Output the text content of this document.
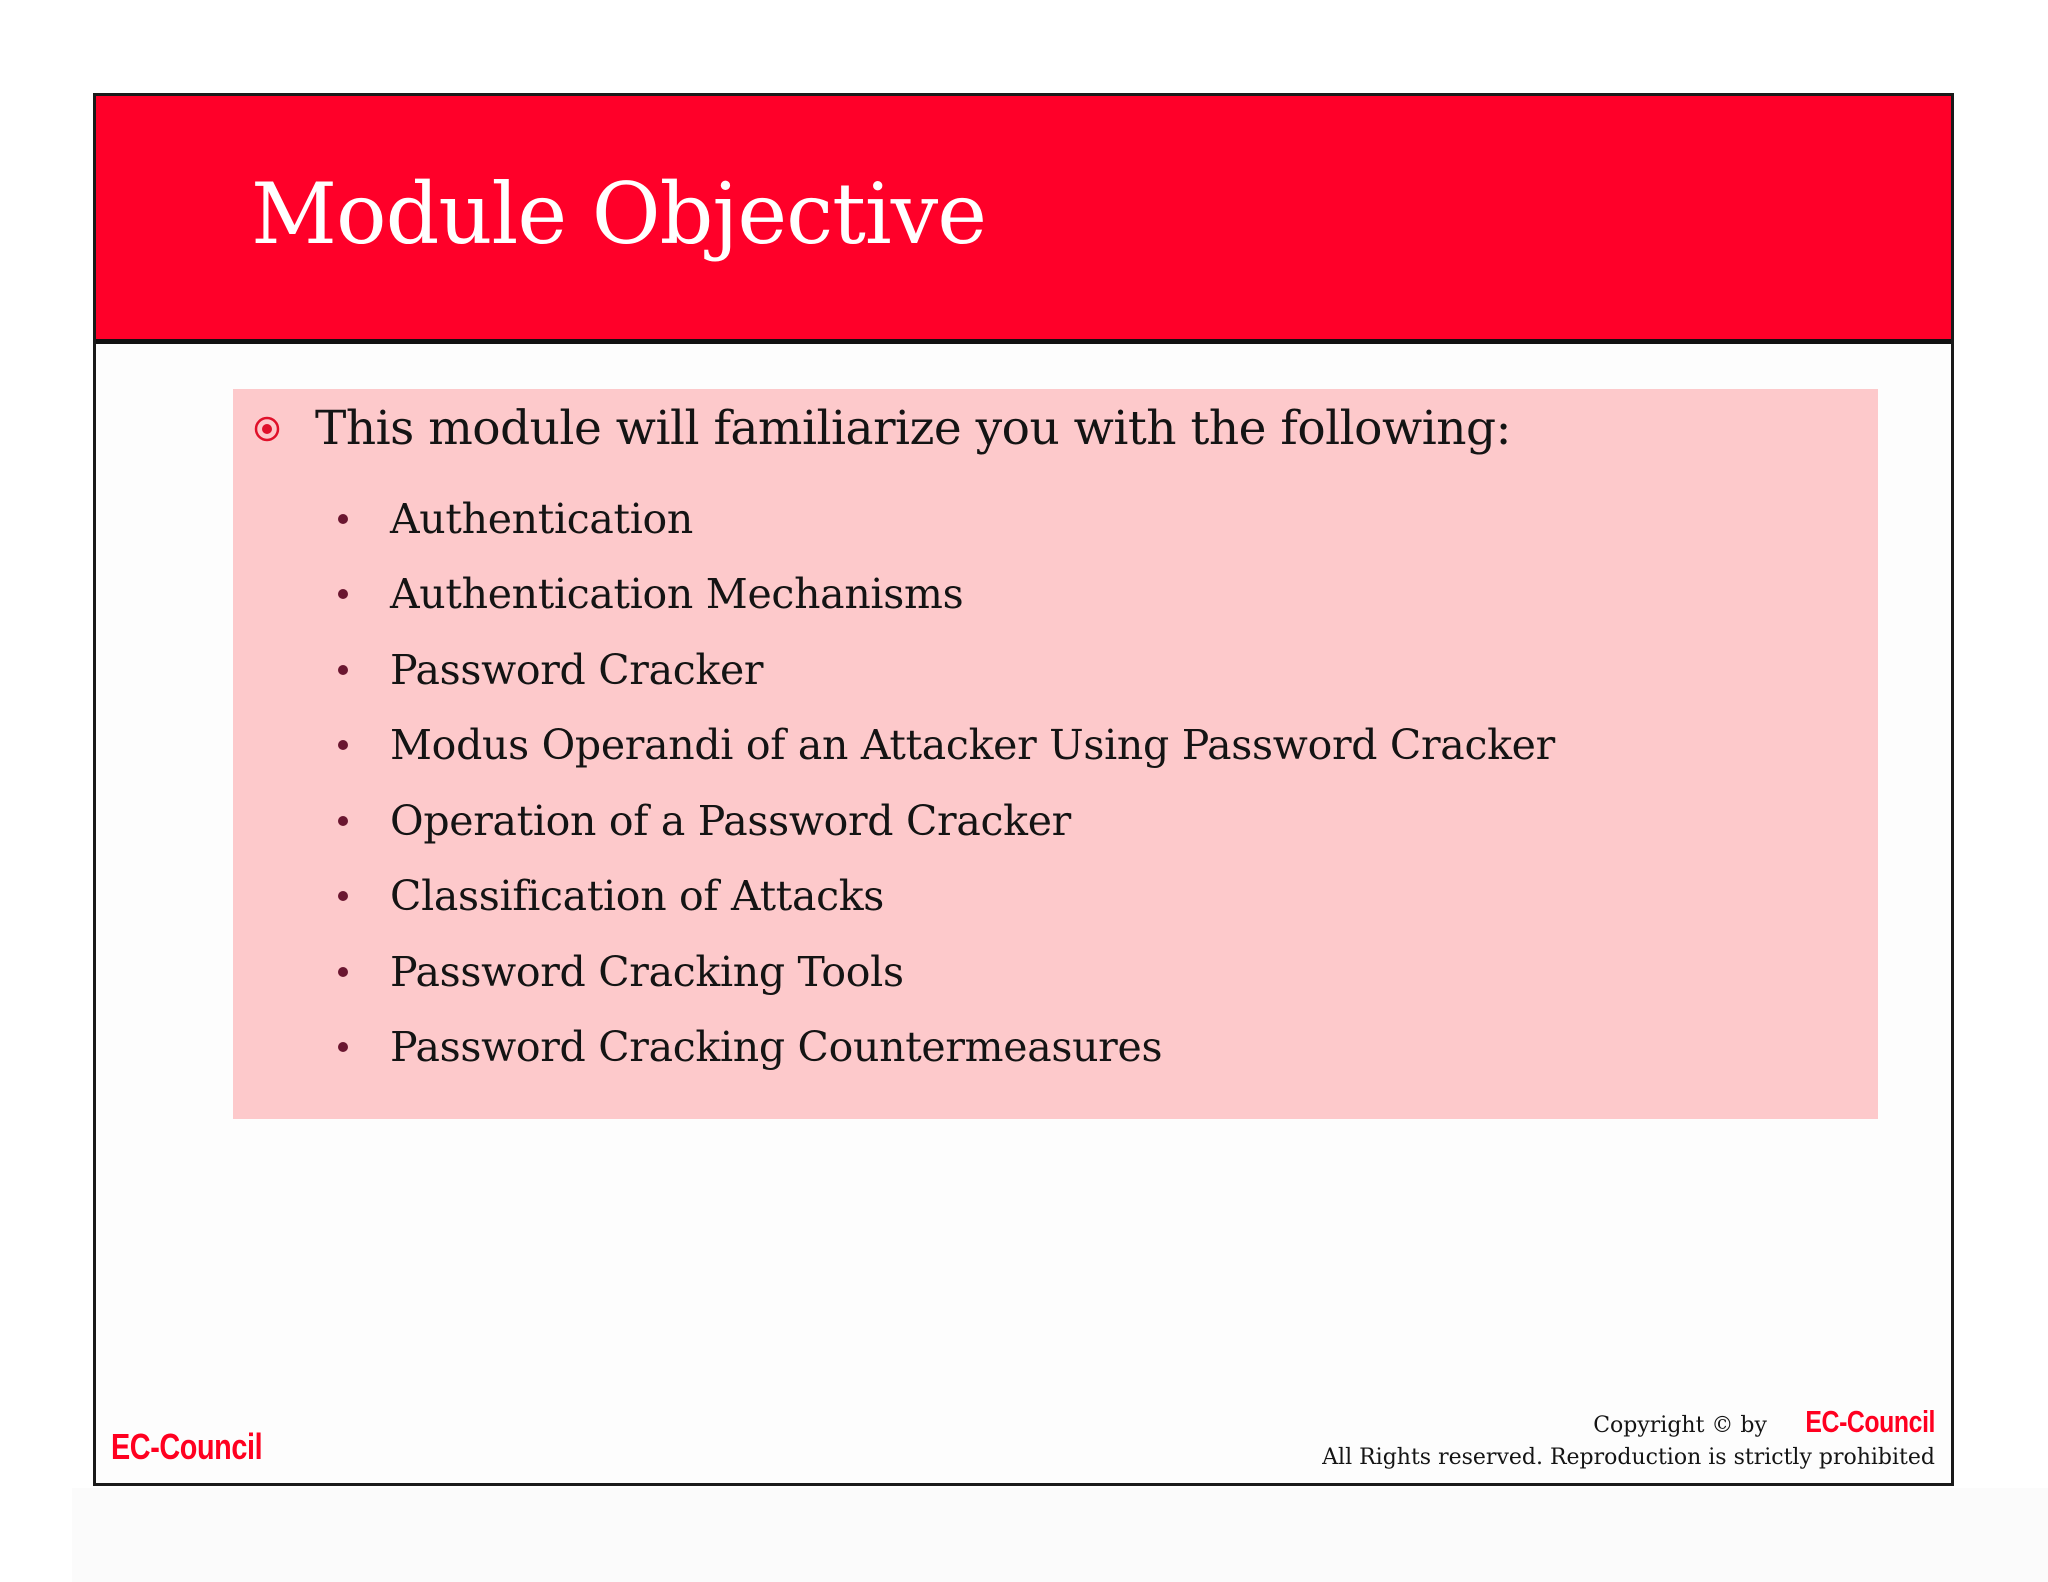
Module Objective
This module will familiarize you with the following:
Authentication
Authentication Mechanisms
Password Cracker
Modus Operandi of an Attacker Using Password Cracker
Operation of a Password Cracker
Classification of Attacks
Password Cracking Tools
Password Cracking Countermeasures
EC-Council
Copyright © by EC-Council
All Rights reserved. Reproduction is strictly prohibited
